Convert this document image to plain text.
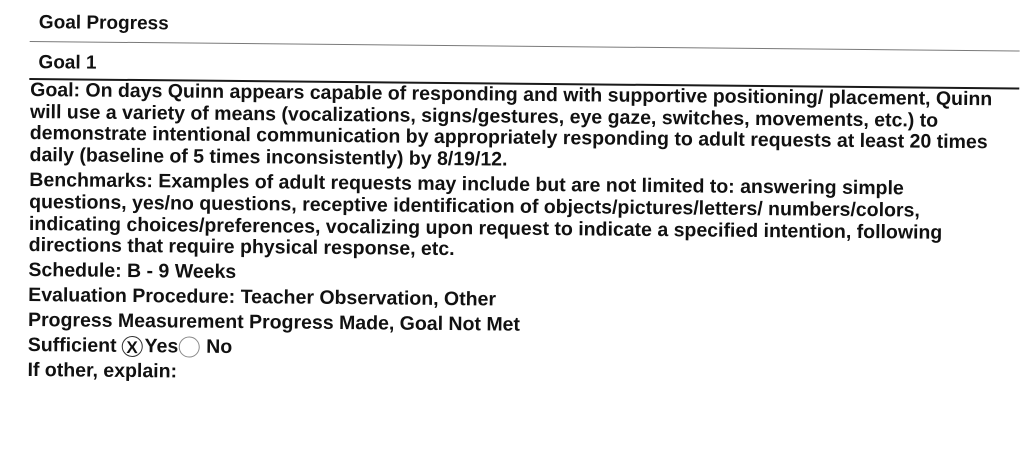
Goal Progress
Goal 1

Goal: On days Quinn appears capable of responding and with supportive positioning/ placement, Quinn will use a variety of means (vocalizations, signs/gestures, eye gaze, switches, movements, etc.) to demonstrate intentional communication by appropriately responding to adult requests at least 20 times daily (baseline of 5 times inconsistently) by 8/19/12.

Benchmarks: Examples of adult requests may include but are not limited to: answering simple questions, yes/no questions, receptive identification of objects/pictures/letters/ numbers/colors, indicating choices/preferences, vocalizing upon request to indicate a specified intention, following directions that require physical response, etc.

Schedule: B - 9 Weeks

Evaluation Procedure: Teacher Observation, Other

Progress Measurement Progress Made, Goal Not Met

Sufficient
X Yes No

If other, explain:
